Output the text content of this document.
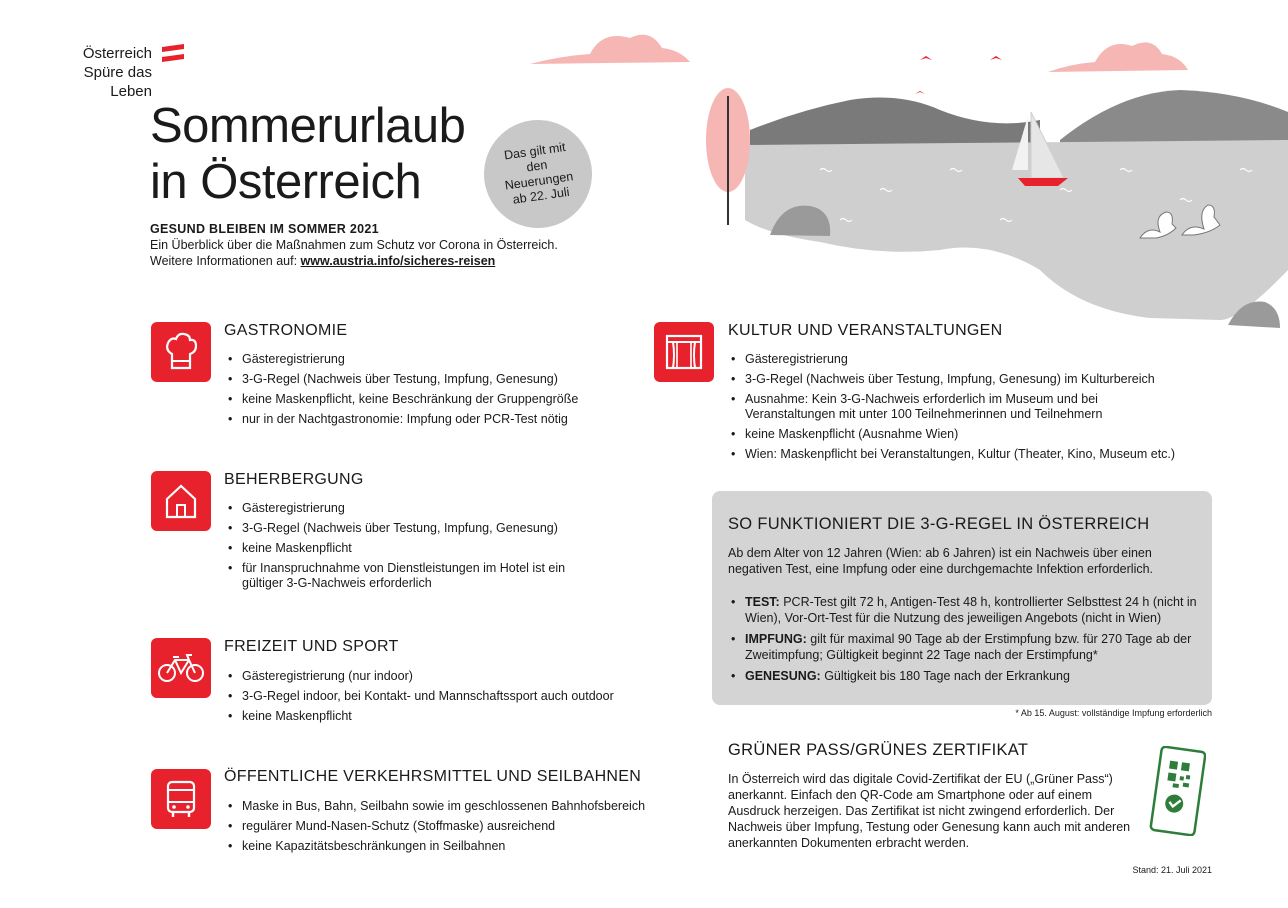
Österreich
Spüre das Leben
Sommerurlaub
in Österreich
Das gilt mit den Neuerungen ab 22. Juli
GESUND BLEIBEN IM SOMMER 2021
Ein Überblick über die Maßnahmen zum Schutz vor Corona in Österreich.
Weitere Informationen auf: www.austria.info/sicheres-reisen
GASTRONOMIE
• Gästeregistrierung
• 3-G-Regel (Nachweis über Testung, Impfung, Genesung)
• keine Maskenpflicht, keine Beschränkung der Gruppengröße
• nur in der Nachtgastronomie: Impfung oder PCR-Test nötig
BEHERBERGUNG
• Gästeregistrierung
• 3-G-Regel (Nachweis über Testung, Impfung, Genesung)
• keine Maskenpflicht
• für Inanspruchnahme von Dienstleistungen im Hotel ist ein gültiger 3-G-Nachweis erforderlich
FREIZEIT UND SPORT
• Gästeregistrierung (nur indoor)
• 3-G-Regel indoor, bei Kontakt- und Mannschaftssport auch outdoor
• keine Maskenpflicht
ÖFFENTLICHE VERKEHRSMITTEL UND SEILBAHNEN
• Maske in Bus, Bahn, Seilbahn sowie im geschlossenen Bahnhofsbereich
• regulärer Mund-Nasen-Schutz (Stoffmaske) ausreichend
• keine Kapazitätsbeschränkungen in Seilbahnen
KULTUR UND VERANSTALTUNGEN
• Gästeregistrierung
• 3-G-Regel (Nachweis über Testung, Impfung, Genesung) im Kulturbereich
• Ausnahme: Kein 3-G-Nachweis erforderlich im Museum und bei Veranstaltungen mit unter 100 Teilnehmerinnen und Teilnehmern
• keine Maskenpflicht (Ausnahme Wien)
• Wien: Maskenpflicht bei Veranstaltungen, Kultur (Theater, Kino, Museum etc.)
SO FUNKTIONIERT DIE 3-G-REGEL IN ÖSTERREICH
Ab dem Alter von 12 Jahren (Wien: ab 6 Jahren) ist ein Nachweis über einen negativen Test, eine Impfung oder eine durchgemachte Infektion erforderlich.
• TEST: PCR-Test gilt 72 h, Antigen-Test 48 h, kontrollierter Selbsttest 24 h (nicht in Wien), Vor-Ort-Test für die Nutzung des jeweiligen Angebots (nicht in Wien)
• IMPFUNG: gilt für maximal 90 Tage ab der Erstimpfung bzw. für 270 Tage ab der Zweitimpfung; Gültigkeit beginnt 22 Tage nach der Erstimpfung*
• GENESUNG: Gültigkeit bis 180 Tage nach der Erkrankung
* Ab 15. August: vollständige Impfung erforderlich
GRÜNER PASS/GRÜNES ZERTIFIKAT
In Österreich wird das digitale Covid-Zertifikat der EU („Grüner Pass“) anerkannt. Einfach den QR-Code am Smartphone oder auf einem Ausdruck herzeigen. Das Zertifikat ist nicht zwingend erforderlich. Der Nachweis über Impfung, Testung oder Genesung kann auch mit anderen anerkannten Dokumenten erbracht werden.
Stand: 21. Juli 2021
